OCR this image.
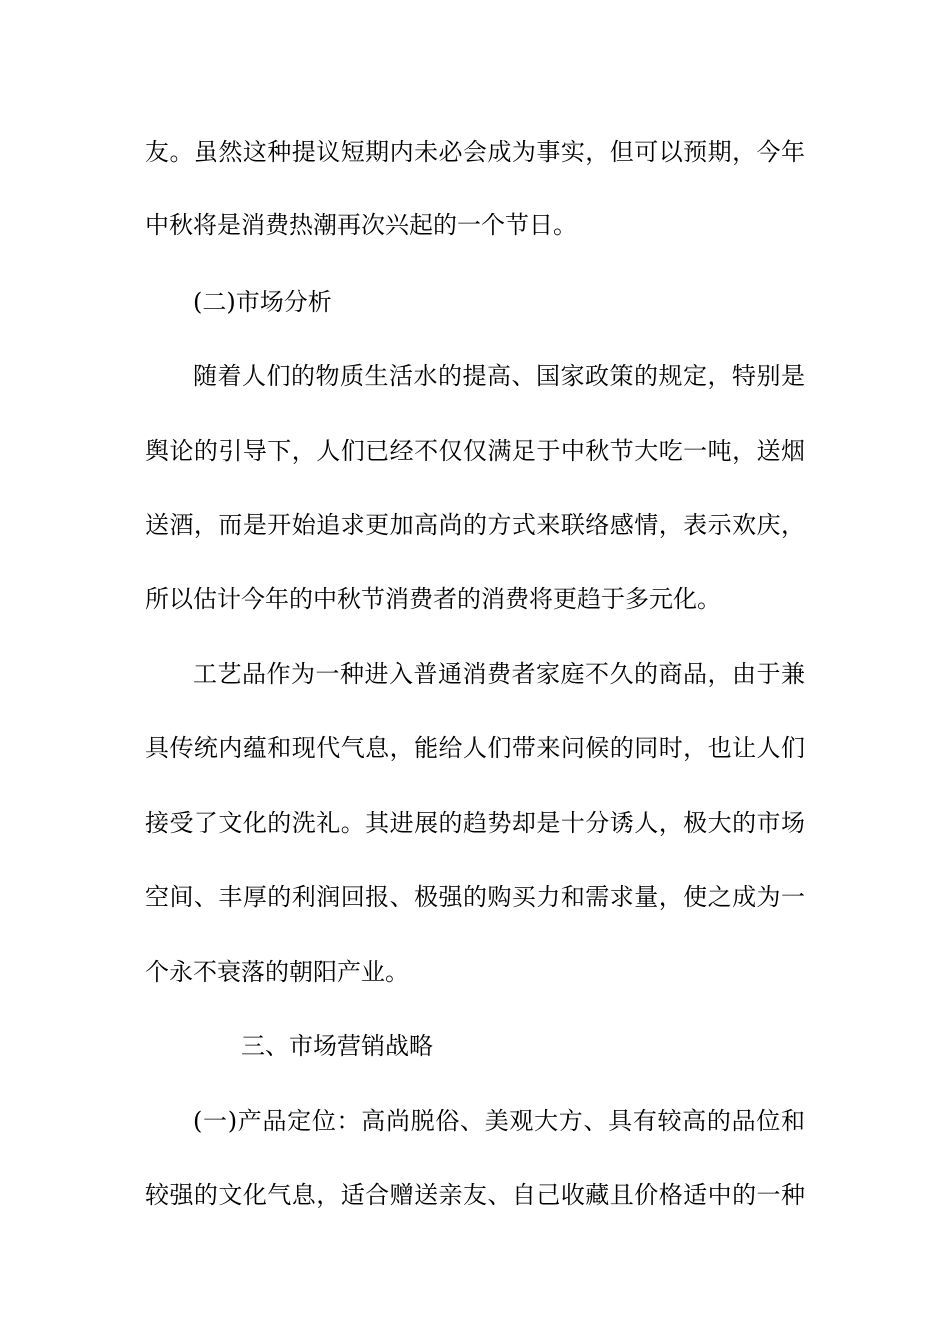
友。虽然这种提议短期内未必会成为事实，但可以预期，今年
中秋将是消费热潮再次兴起的一个节日。
(二)市场分析
随着人们的物质生活水的提高、国家政策的规定，特别是
舆论的引导下，人们已经不仅仅满足于中秋节大吃一吨，送烟
送酒，而是开始追求更加高尚的方式来联络感情，表示欢庆，
所以估计今年的中秋节消费者的消费将更趋于多元化。
工艺品作为一种进入普通消费者家庭不久的商品，由于兼
具传统内蕴和现代气息，能给人们带来问候的同时，也让人们
接受了文化的洗礼。其进展的趋势却是十分诱人，极大的市场
空间、丰厚的利润回报、极强的购买力和需求量，使之成为一
个永不衰落的朝阳产业。
三、市场营销战略
(一)产品定位：高尚脱俗、美观大方、具有较高的品位和
较强的文化气息，适合赠送亲友、自己收藏且价格适中的一种
